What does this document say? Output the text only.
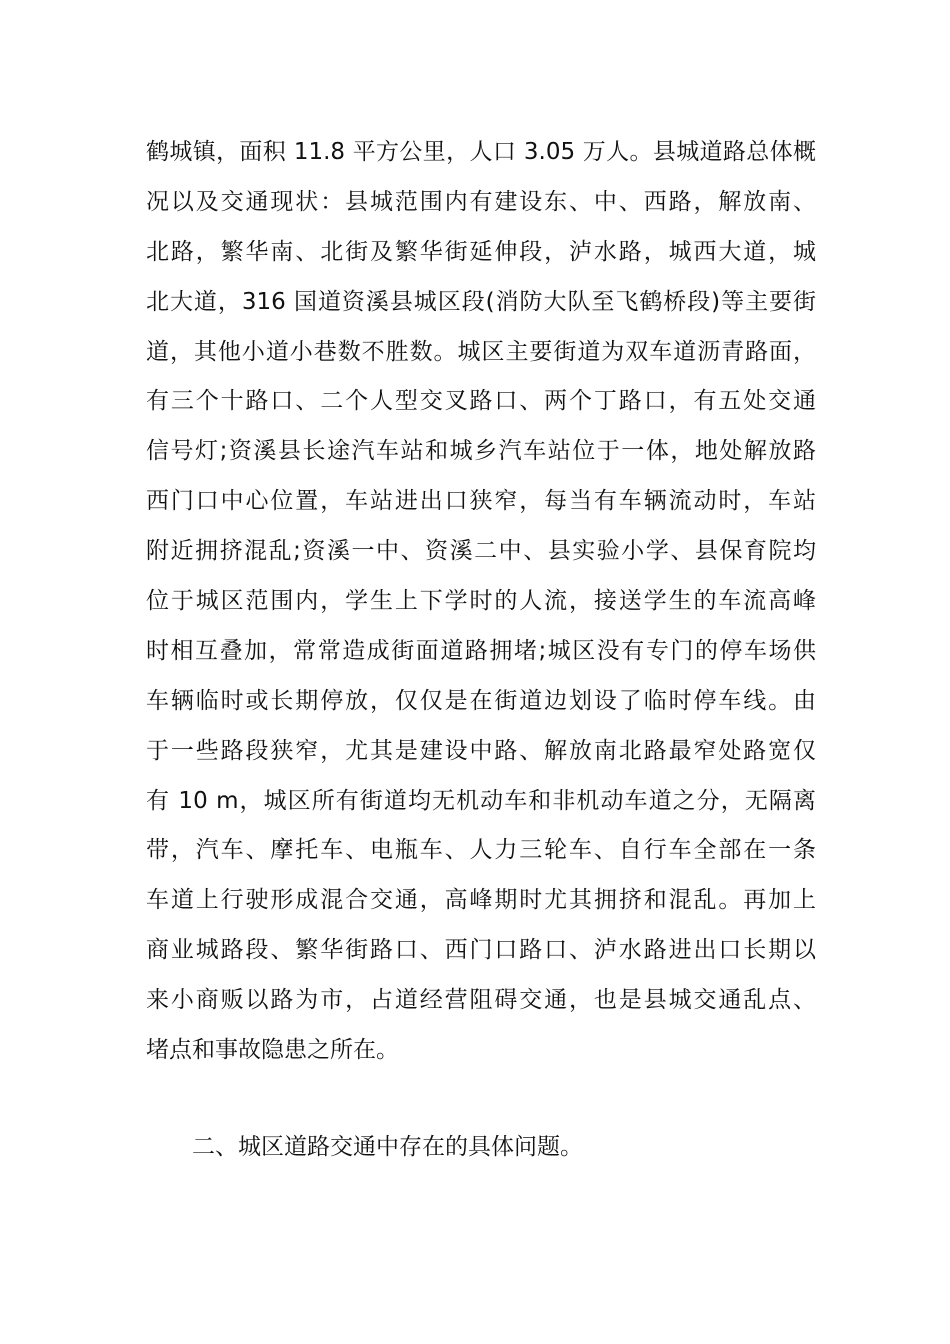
鹤城镇，面积 11.8 平方公里，人口 3.05 万人。县城道路总体概
况以及交通现状：县城范围内有建设东、中、西路，解放南、
北路，繁华南、北街及繁华街延伸段，泸水路，城西大道，城
北大道，316 国道资溪县城区段(消防大队至飞鹤桥段)等主要街
道，其他小道小巷数不胜数。城区主要街道为双车道沥青路面，
有三个十路口、二个人型交叉路口、两个丁路口，有五处交通
信号灯;资溪县长途汽车站和城乡汽车站位于一体，地处解放路
西门口中心位置，车站进出口狭窄，每当有车辆流动时，车站
附近拥挤混乱;资溪一中、资溪二中、县实验小学、县保育院均
位于城区范围内，学生上下学时的人流，接送学生的车流高峰
时相互叠加，常常造成街面道路拥堵;城区没有专门的停车场供
车辆临时或长期停放，仅仅是在街道边划设了临时停车线。由
于一些路段狭窄，尤其是建设中路、解放南北路最窄处路宽仅
有 10 m，城区所有街道均无机动车和非机动车道之分，无隔离
带，汽车、摩托车、电瓶车、人力三轮车、自行车全部在一条
车道上行驶形成混合交通，高峰期时尤其拥挤和混乱。再加上
商业城路段、繁华街路口、西门口路口、泸水路进出口长期以
来小商贩以路为市，占道经营阻碍交通，也是县城交通乱点、
堵点和事故隐患之所在。
二、城区道路交通中存在的具体问题。
